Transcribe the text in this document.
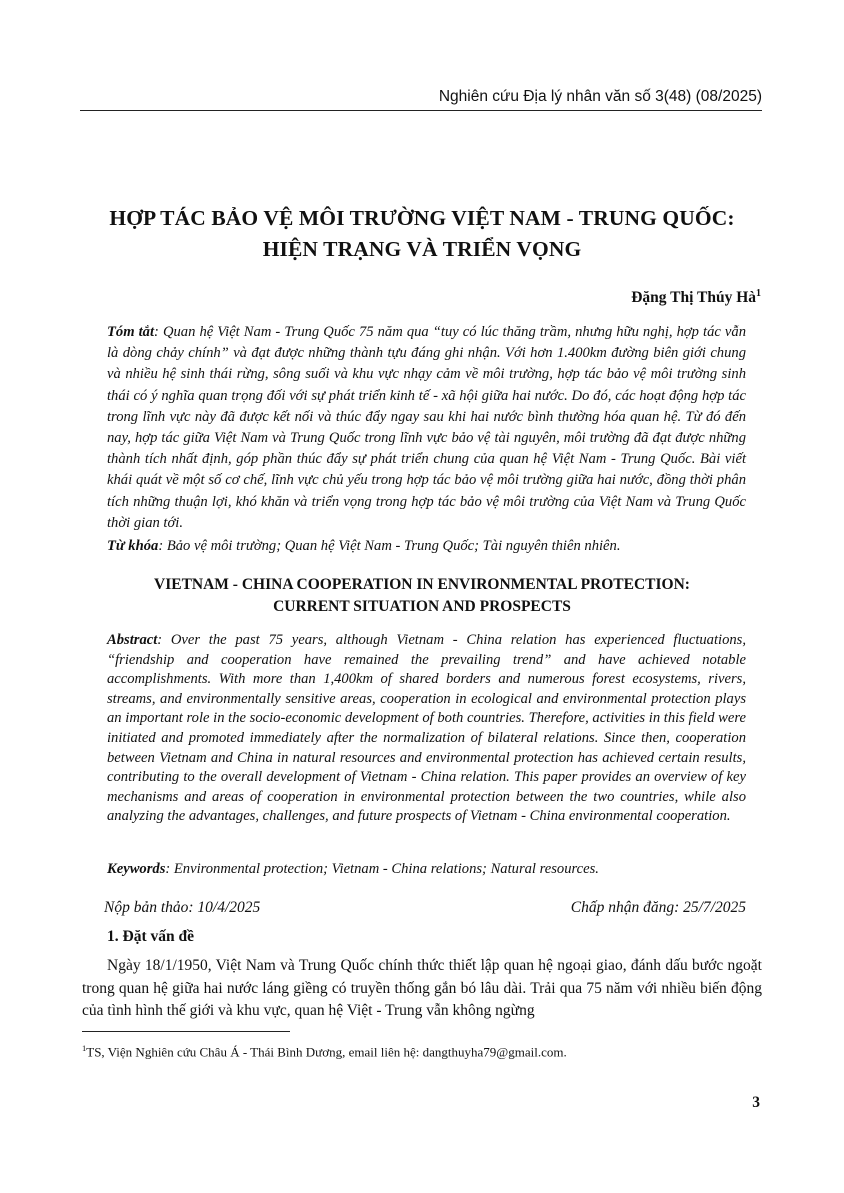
Nghiên cứu Địa lý nhân văn số 3(48) (08/2025)
HỢP TÁC BẢO VỆ MÔI TRƯỜNG VIỆT NAM - TRUNG QUỐC:
HIỆN TRẠNG VÀ TRIỂN VỌNG
Đặng Thị Thúy $Hà^1$
Tóm tắt: Quan hệ Việt Nam - Trung Quốc 75 năm qua “tuy có lúc thăng trầm, nhưng hữu nghị, hợp tác vẫn là dòng chảy chính” và đạt được những thành tựu đáng ghi nhận. Với hơn 1.400km đường biên giới chung và nhiều hệ sinh thái rừng, sông suối và khu vực nhạy cảm về môi trường, hợp tác bảo vệ môi trường sinh thái có ý nghĩa quan trọng đối với sự phát triển kinh tế - xã hội giữa hai nước. Do đó, các hoạt động hợp tác trong lĩnh vực này đã được kết nối và thúc đẩy ngay sau khi hai nước bình thường hóa quan hệ. Từ đó đến nay, hợp tác giữa Việt Nam và Trung Quốc trong lĩnh vực bảo vệ tài nguyên, môi trường đã đạt được những thành tích nhất định, góp phần thúc đẩy sự phát triển chung của quan hệ Việt Nam - Trung Quốc. Bài viết khái quát về một số cơ chế, lĩnh vực chủ yếu trong hợp tác bảo vệ môi trường giữa hai nước, đồng thời phân tích những thuận lợi, khó khăn và triển vọng trong hợp tác bảo vệ môi trường của Việt Nam và Trung Quốc thời gian tới.
Từ khóa: Bảo vệ môi trường; Quan hệ Việt Nam - Trung Quốc; Tài nguyên thiên nhiên.
VIETNAM - CHINA COOPERATION IN ENVIRONMENTAL PROTECTION:
CURRENT SITUATION AND PROSPECTS
Abstract: Over the past 75 years, although Vietnam - China relation has experienced fluctuations, “friendship and cooperation have remained the prevailing trend” and have achieved notable accomplishments. With more than 1,400km of shared borders and numerous forest ecosystems, rivers, streams, and environmentally sensitive areas, cooperation in ecological and environmental protection plays an important role in the socio-economic development of both countries. Therefore, activities in this field were initiated and promoted immediately after the normalization of bilateral relations. Since then, cooperation between Vietnam and China in natural resources and environmental protection has achieved certain results, contributing to the overall development of Vietnam - China relation. This paper provides an overview of key mechanisms and areas of cooperation in environmental protection between the two countries, while also analyzing the advantages, challenges, and future prospects of Vietnam - China environmental cooperation.
Keywords: Environmental protection; Vietnam - China relations; Natural resources.
Nộp bản thảo: 10/4/2025	Chấp nhận đăng: 25/7/2025
1. Đặt vấn đề

Ngày 18/1/1950, Việt Nam và Trung Quốc chính thức thiết lập quan hệ ngoại giao, đánh dấu bước ngoặt trong quan hệ giữa hai nước láng giềng có truyền thống gắn bó lâu dài. Trải qua 75 năm với nhiều biến động của tình hình thế giới và khu vực, quan hệ Việt - Trung vẫn không ngừng

$^1$TS, Viện Nghiên cứu Châu Á - Thái Bình Dương, email liên hệ: dangthuyha79@gmail.com.
3
